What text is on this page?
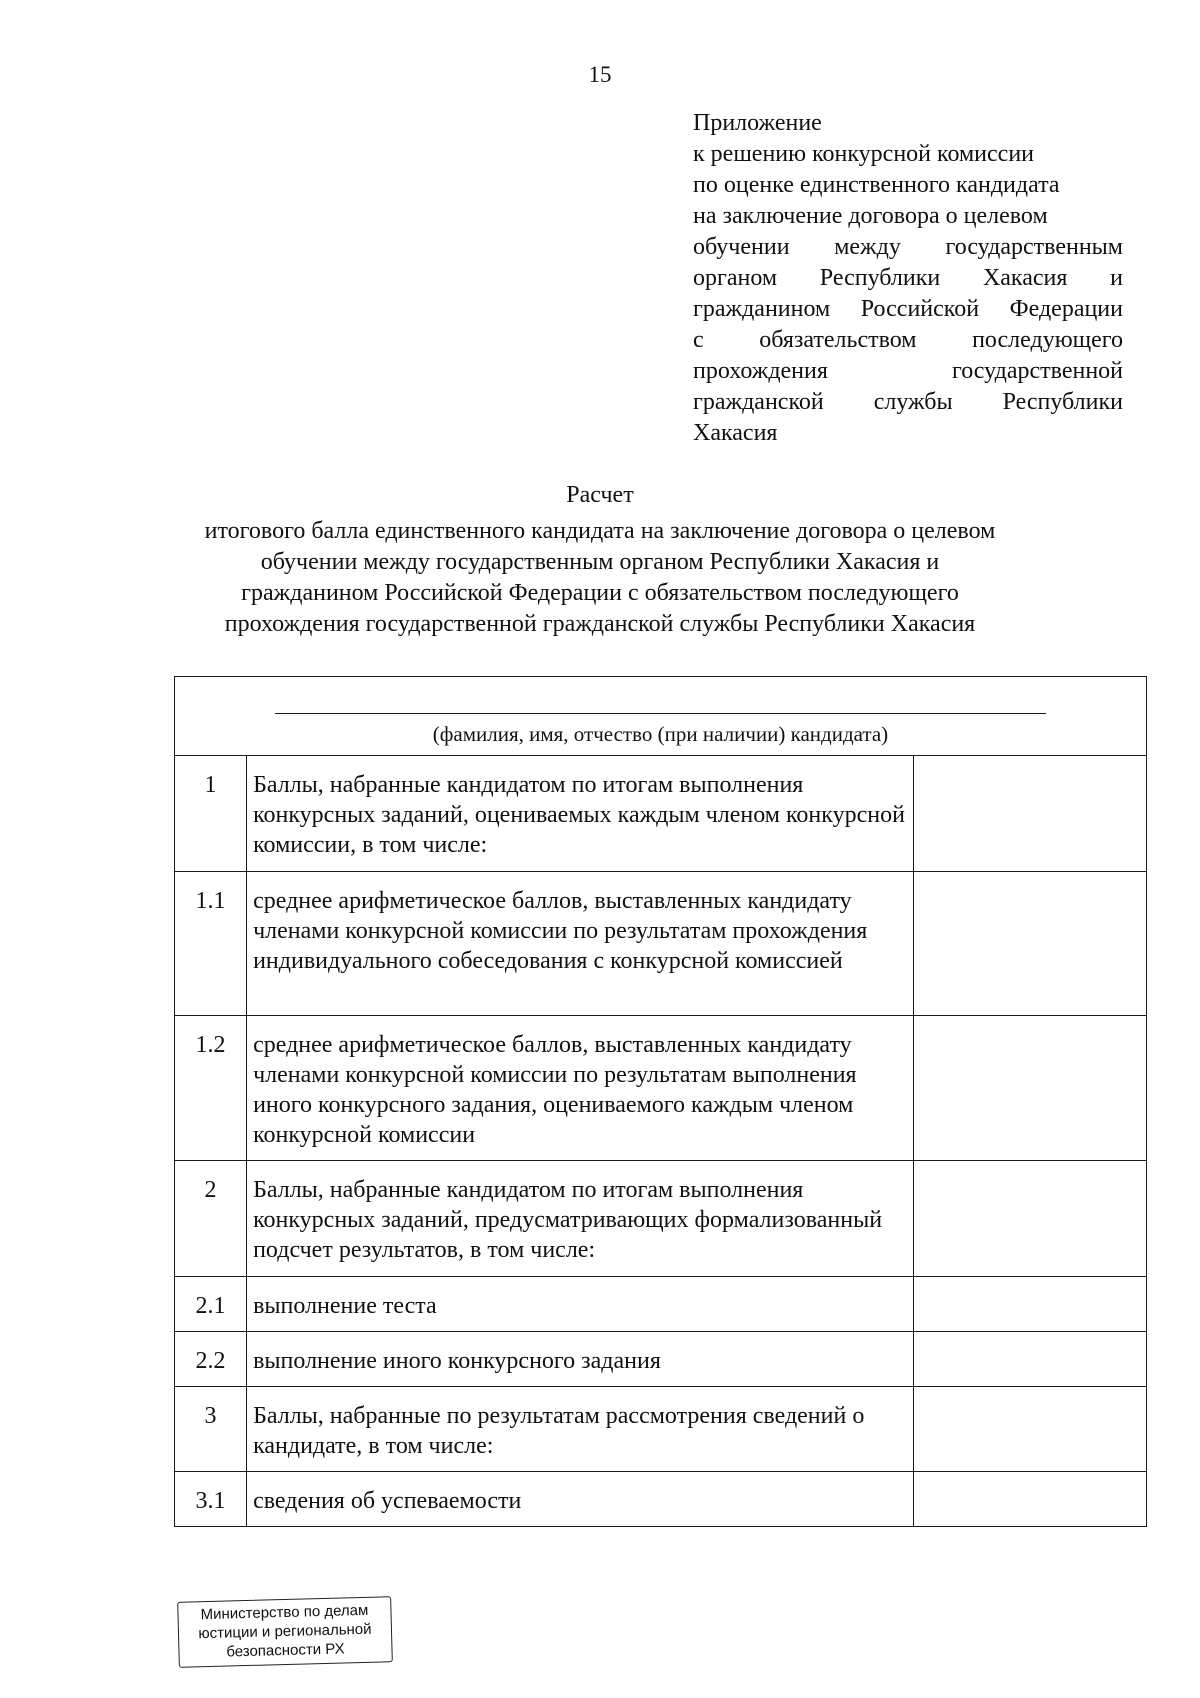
15
Приложение
к решению конкурсной комиссии
по оценке единственного кандидата
на заключение договора о целевом
обучении между государственным
органом Республики Хакасия и
гражданином Российской Федерации
с обязательством последующего
прохождения государственной
гражданской службы Республики
Хакасия
Расчет
итогового балла единственного кандидата на заключение договора о целевом
обучении между государственным органом Республики Хакасия и
гражданином Российской Федерации с обязательством последующего
прохождения государственной гражданской службы Республики Хакасия
(фамилия, имя, отчество (при наличии) кандидата)		

1	Баллы, набранные кандидатом по итогам выполнения конкурсных заданий, оцениваемых каждым членом конкурсной комиссии, в том числе:	
1.1	среднее арифметическое баллов, выставленных кандидату членами конкурсной комиссии по результатам прохождения индивидуального собеседования с конкурсной комиссией	
1.2	среднее арифметическое баллов, выставленных кандидату членами конкурсной комиссии по результатам выполнения иного конкурсного задания, оцениваемого каждым членом конкурсной комиссии	
2	Баллы, набранные кандидатом по итогам выполнения конкурсных заданий, предусматривающих формализованный подсчет результатов, в том числе:	
2.1	выполнение теста	
2.2	выполнение иного конкурсного задания	
3	Баллы, набранные по результатам рассмотрения сведений о кандидате, в том числе:	
3.1	сведения об успеваемости	
Министерство по делам
юстиции и региональной
безопасности РХ
